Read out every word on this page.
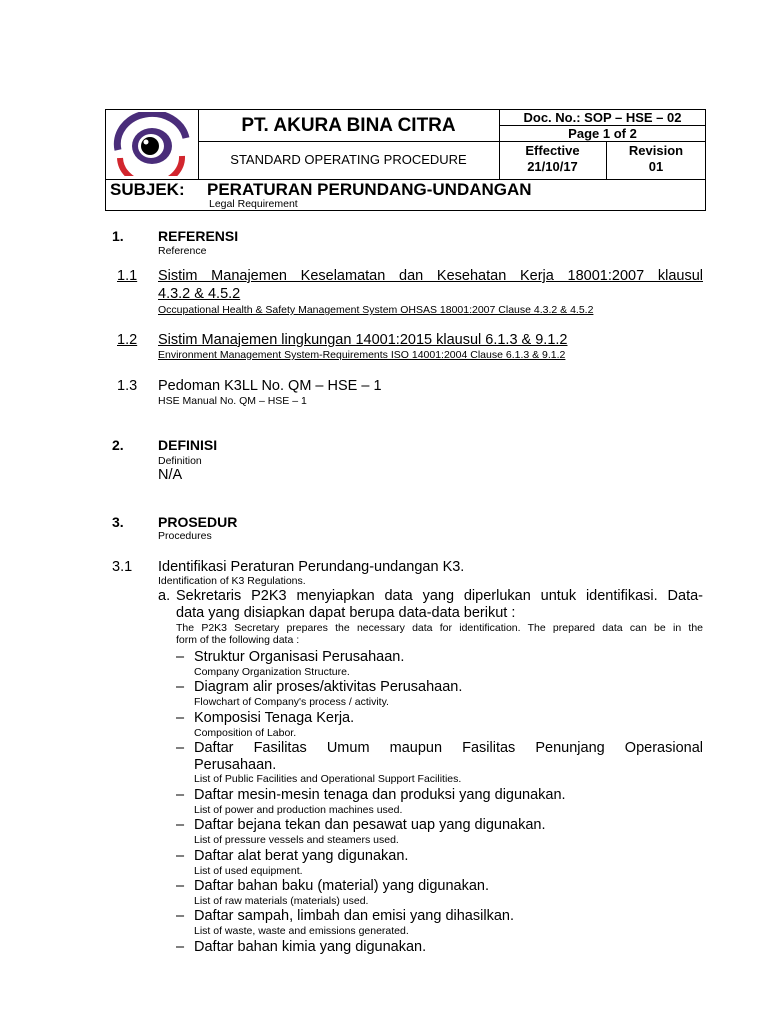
PT. AKURA BINA CITRA
STANDARD OPERATING PROCEDURE
Doc. No.: SOP – HSE – 02
Page 1 of 2
Effective
21/10/17
Revision
01
SUBJEK: PERATURAN PERUNDANG-UNDANGAN
Legal Requirement
1. REFERENSI
Reference
1.1 Sistim Manajemen Keselamatan dan Kesehatan Kerja 18001:2007 klausul
4.3.2 & 4.5.2
Occupational Health & Safety Management System OHSAS 18001:2007 Clause 4.3.2 & 4.5.2
1.2 Sistim Manajemen lingkungan 14001:2015 klausul 6.1.3 & 9.1.2
Environment Management System-Requirements ISO 14001:2004 Clause 6.1.3 & 9.1.2
1.3 Pedoman K3LL No. QM – HSE – 1
HSE Manual No. QM – HSE – 1
2. DEFINISI
Definition
N/A
3. PROSEDUR
Procedures
3.1 Identifikasi Peraturan Perundang-undangan K3.
Identification of K3 Regulations.
a. Sekretaris P2K3 menyiapkan data yang diperlukan untuk identifikasi. Data-
data yang disiapkan dapat berupa data-data berikut :
The P2K3 Secretary prepares the necessary data for identification. The prepared data can be in the
form of the following data :
– Struktur Organisasi Perusahaan.
Company Organization Structure.
– Diagram alir proses/aktivitas Perusahaan.
Flowchart of Company's process / activity.
– Komposisi Tenaga Kerja.
Composition of Labor.
– Daftar Fasilitas Umum maupun Fasilitas Penunjang Operasional
Perusahaan.
List of Public Facilities and Operational Support Facilities.
– Daftar mesin-mesin tenaga dan produksi yang digunakan.
List of power and production machines used.
– Daftar bejana tekan dan pesawat uap yang digunakan.
List of pressure vessels and steamers used.
– Daftar alat berat yang digunakan.
List of used equipment.
– Daftar bahan baku (material) yang digunakan.
List of raw materials (materials) used.
– Daftar sampah, limbah dan emisi yang dihasilkan.
List of waste, waste and emissions generated.
– Daftar bahan kimia yang digunakan.
